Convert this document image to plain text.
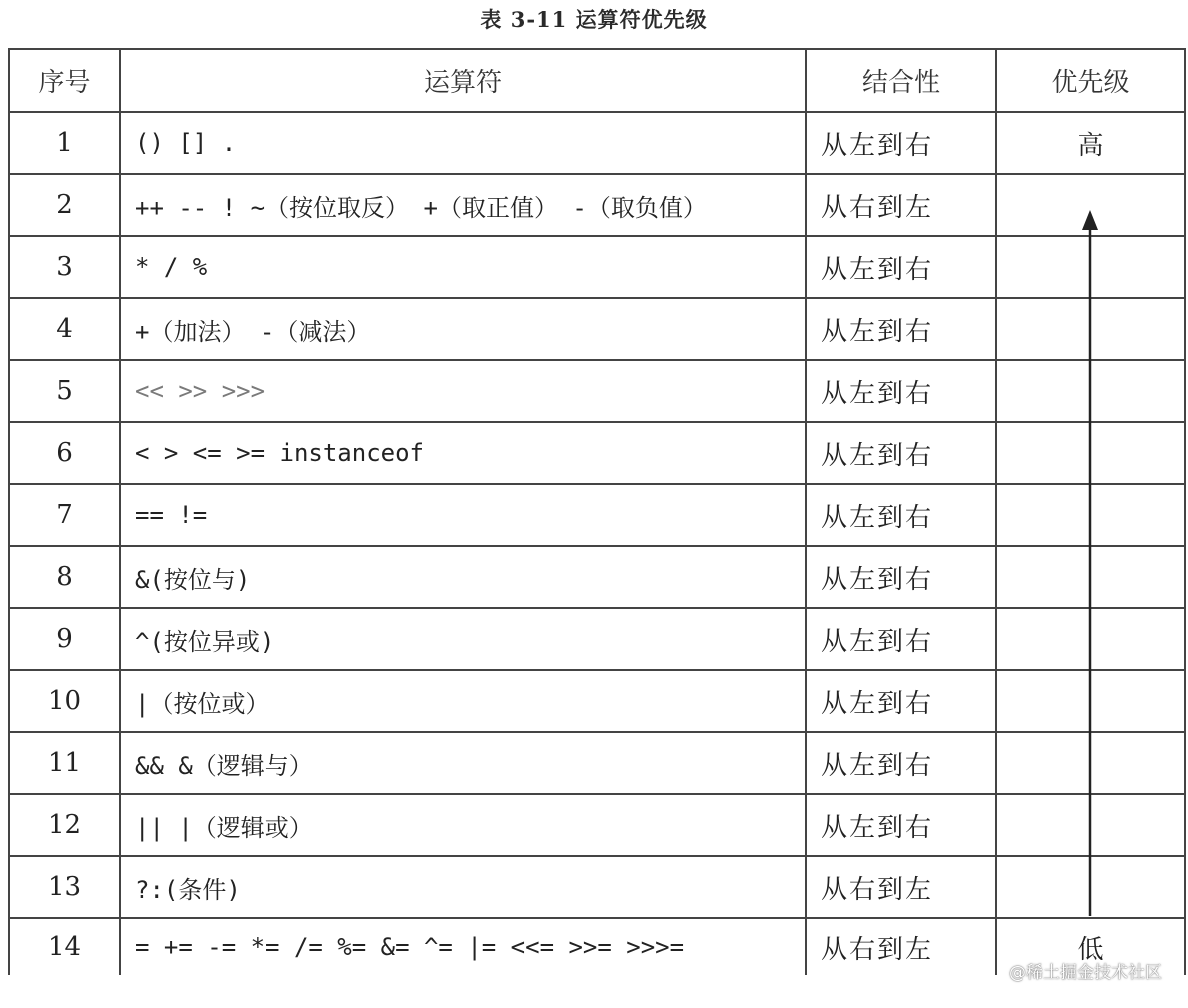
表 3-11 运算符优先级
序号	运算符	结合性	优先级
1	() [] .	从左到右	高
2	++ -- ! ~（按位取反） +（取正值） -（取负值）	从右到左	
3	* / %	从左到右	
4	+（加法） -（减法）	从左到右	
5	<< >> >>>	从左到右	
6	< > <= >= instanceof	从左到右	
7	== !=	从左到右	
8	&(按位与)	从左到右	
9	^(按位异或)	从左到右	
10	|（按位或）	从左到右	
11	&& &（逻辑与）	从左到右	
12	|| |（逻辑或）	从左到右	
13	?:(条件)	从右到左	
14	= += -= *= /= %= &= ^= |= <<= >>= >>>=	从右到左	低
@稀土掘金技术社区
